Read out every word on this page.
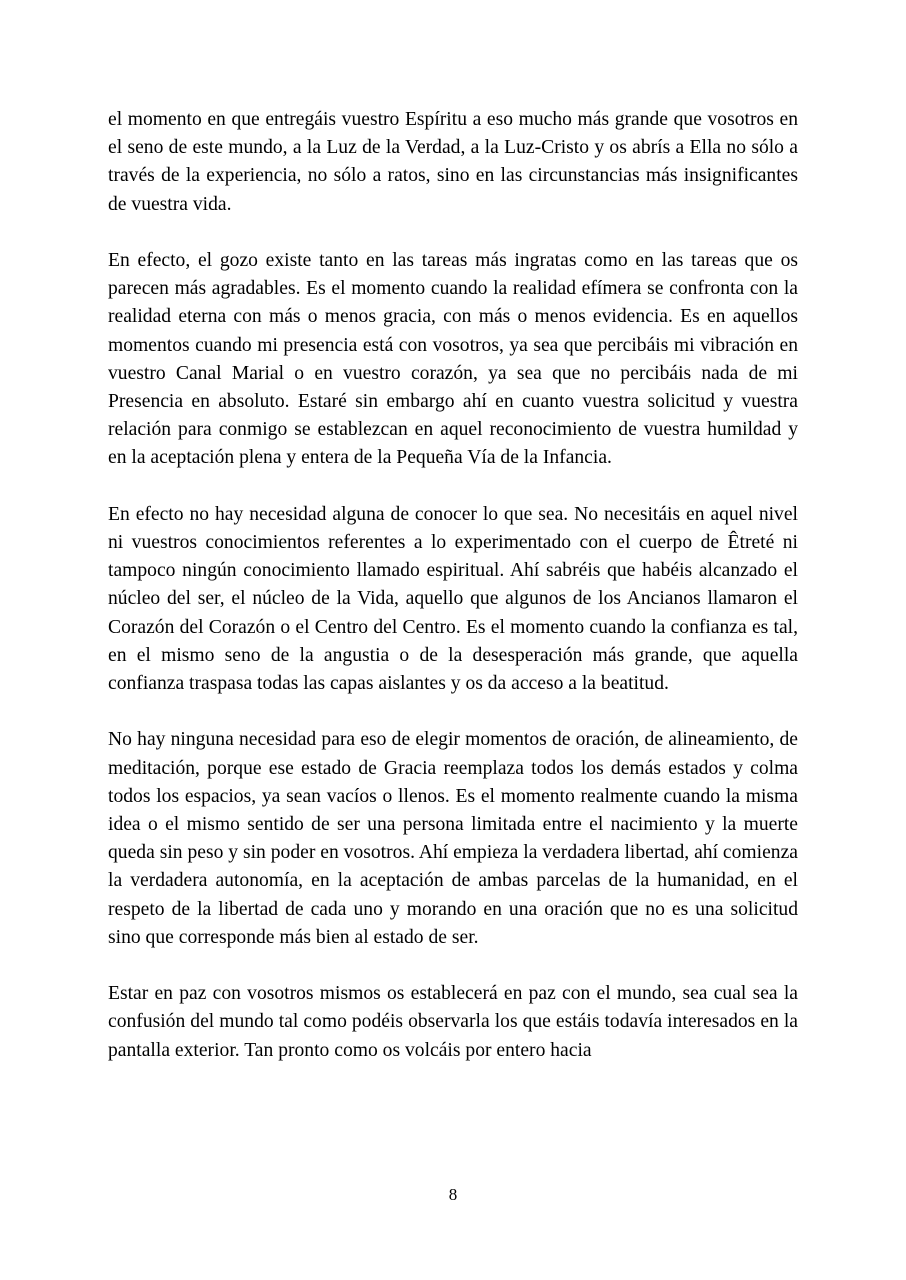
el momento en que entregáis vuestro Espíritu a eso mucho más grande que vosotros en el seno de este mundo, a la Luz de la Verdad, a la Luz-Cristo y os abrís a Ella no sólo a través de la experiencia, no sólo a ratos, sino en las circunstancias más insignificantes de vuestra vida.

En efecto, el gozo existe tanto en las tareas más ingratas como en las tareas que os parecen más agradables. Es el momento cuando la realidad efímera se confronta con la realidad eterna con más o menos gracia, con más o menos evidencia. Es en aquellos momentos cuando mi presencia está con vosotros, ya sea que percibáis mi vibración en vuestro Canal Marial o en vuestro corazón, ya sea que no percibáis nada de mi Presencia en absoluto. Estaré sin embargo ahí en cuanto vuestra solicitud y vuestra relación para conmigo se establezcan en aquel reconocimiento de vuestra humildad y en la aceptación plena y entera de la Pequeña Vía de la Infancia.

En efecto no hay necesidad alguna de conocer lo que sea. No necesitáis en aquel nivel ni vuestros conocimientos referentes a lo experimentado con el cuerpo de Êtreté ni tampoco ningún conocimiento llamado espiritual. Ahí sabréis que habéis alcanzado el núcleo del ser, el núcleo de la Vida, aquello que algunos de los Ancianos llamaron el Corazón del Corazón o el Centro del Centro. Es el momento cuando la confianza es tal, en el mismo seno de la angustia o de la desesperación más grande, que aquella confianza traspasa todas las capas aislantes y os da acceso a la beatitud.

No hay ninguna necesidad para eso de elegir momentos de oración, de alineamiento, de meditación, porque ese estado de Gracia reemplaza todos los demás estados y colma todos los espacios, ya sean vacíos o llenos. Es el momento realmente cuando la misma idea o el mismo sentido de ser una persona limitada entre el nacimiento y la muerte queda sin peso y sin poder en vosotros. Ahí empieza la verdadera libertad, ahí comienza la verdadera autonomía, en la aceptación de ambas parcelas de la humanidad, en el respeto de la libertad de cada uno y morando en una oración que no es una solicitud sino que corresponde más bien al estado de ser.

Estar en paz con vosotros mismos os establecerá en paz con el mundo, sea cual sea la confusión del mundo tal como podéis observarla los que estáis todavía interesados en la pantalla exterior. Tan pronto como os volcáis por entero hacia

8
